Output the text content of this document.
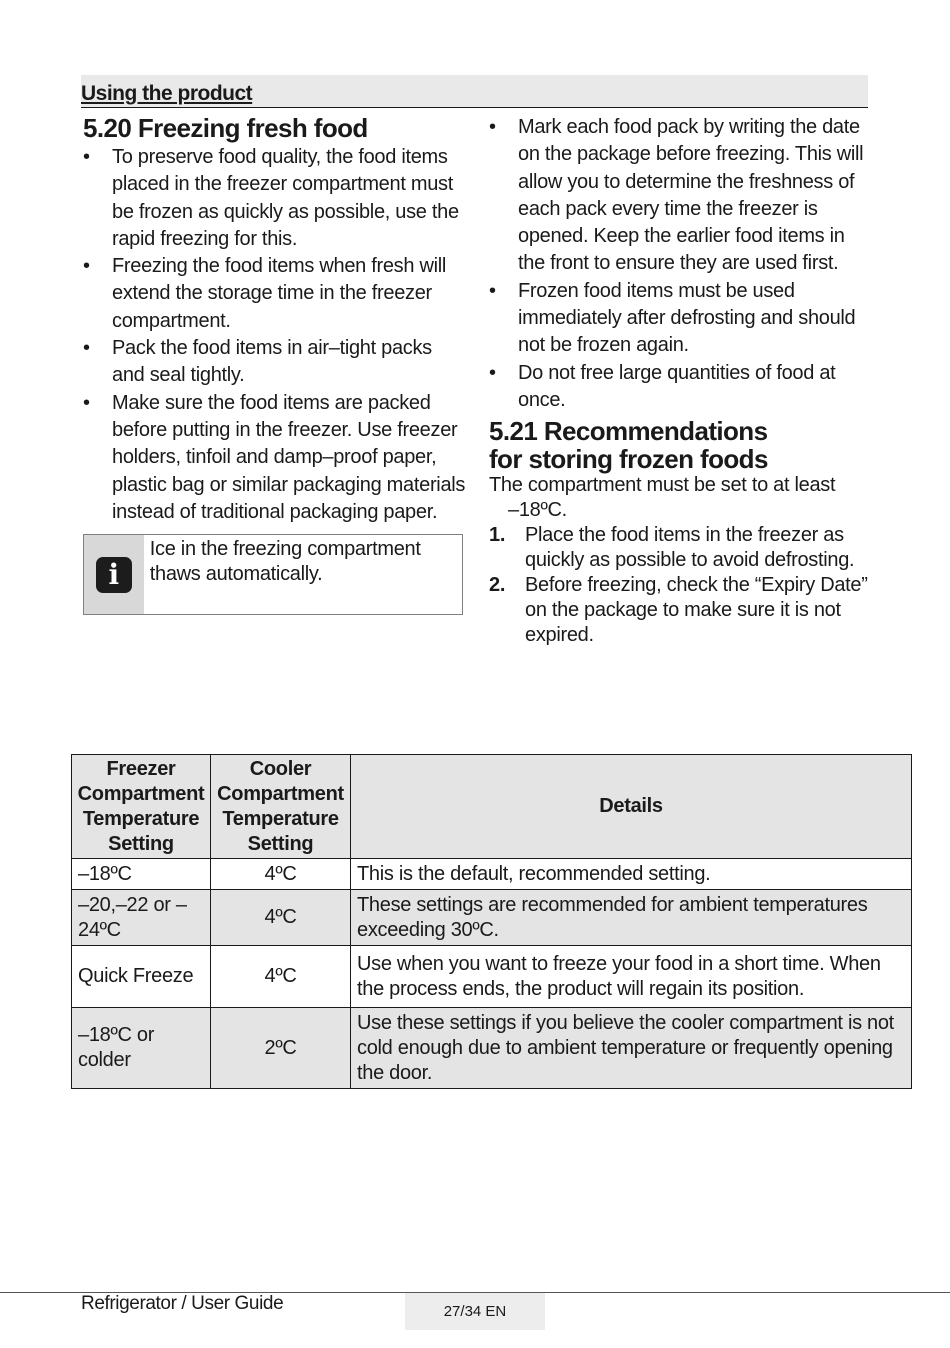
Using the product
5.20 Freezing fresh food
• To preserve food quality, the food items placed in the freezer compartment must be frozen as quickly as possible, use the rapid freezing for this.
• Freezing the food items when fresh will extend the storage time in the freezer compartment.
• Pack the food items in air–tight packs and seal tightly.
• Make sure the food items are packed before putting in the freezer. Use freezer holders, tinfoil and damp–proof paper, plastic bag or similar packaging materials instead of traditional packaging paper.
i
Ice in the freezing compartment thaws automatically.
• Mark each food pack by writing the date on the package before freezing. This will allow you to determine the freshness of each pack every time the freezer is opened. Keep the earlier food items in the front to ensure they are used first.
• Frozen food items must be used immediately after defrosting and should not be frozen again.
• Do not free large quantities of food at once.
5.21 Recommendations
for storing frozen foods
The compartment must be set to at least
–18ºC.
1. Place the food items in the freezer as quickly as possible to avoid defrosting.
2. Before freezing, check the “Expiry Date” on the package to make sure it is not expired.
Freezer Compartment Temperature Setting	Cooler Compartment Temperature Setting	Details
–18ºC	4ºC	This is the default, recommended setting.
–20,–22 or –24ºC	4ºC	These settings are recommended for ambient temperatures exceeding 30ºC.
Quick Freeze	4ºC	Use when you want to freeze your food in a short time. When the process ends, the product will regain its position.
–18ºC or colder	2ºC	Use these settings if you believe the cooler compartment is not cold enough due to ambient temperature or frequently opening the door.
Refrigerator / User Guide	27/34 EN
